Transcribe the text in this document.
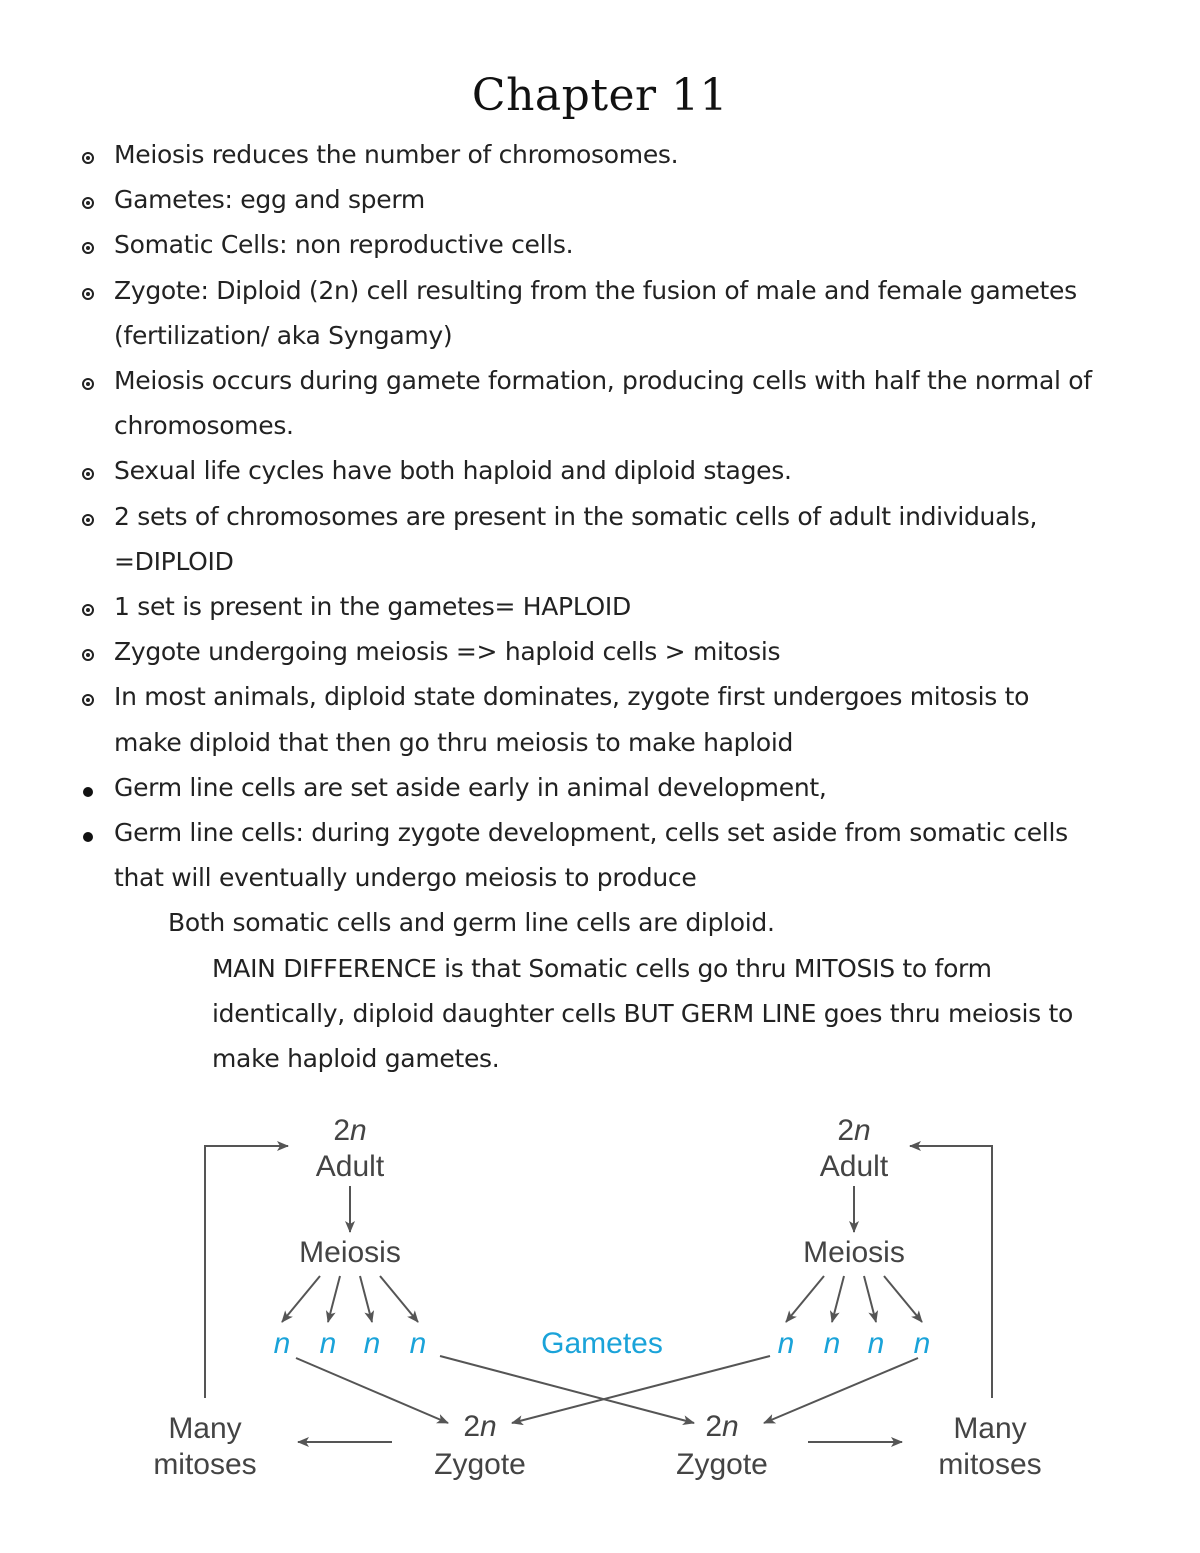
Chapter 11
Meiosis reduces the number of chromosomes.
Gametes: egg and sperm
Somatic Cells: non reproductive cells.
Zygote: Diploid (2n) cell resulting from the fusion of male and female gametes
(fertilization/ aka Syngamy)
Meiosis occurs during gamete formation, producing cells with half the normal of
chromosomes.
Sexual life cycles have both haploid and diploid stages.
2 sets of chromosomes are present in the somatic cells of adult individuals,
=DIPLOID
1 set is present in the gametes= HAPLOID
Zygote undergoing meiosis => haploid cells > mitosis
In most animals, diploid state dominates, zygote first undergoes mitosis to
make diploid that then go thru meiosis to make haploid
Germ line cells are set aside early in animal development,
Germ line cells: during zygote development, cells set aside from somatic cells
that will eventually undergo meiosis to produce
Both somatic cells and germ line cells are diploid.
MAIN DIFFERENCE is that Somatic cells go thru MITOSIS to form
identically, diploid daughter cells BUT GERM LINE goes thru meiosis to
make haploid gametes.
2n
Adult
Meiosis
n n n n
2n
Adult
Meiosis
n n n n
Gametes
2n
Zygote
2n
Zygote
Many
mitoses
Many
mitoses
